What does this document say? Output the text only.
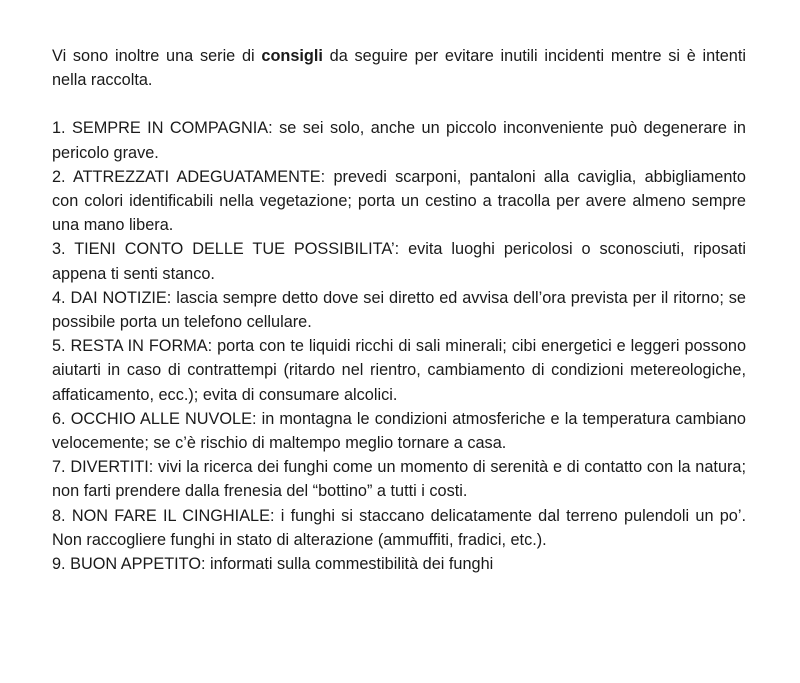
Vi sono inoltre una serie di consigli da seguire per evitare inutili incidenti mentre si è intenti nella raccolta.

1. SEMPRE IN COMPAGNIA: se sei solo, anche un piccolo inconveniente può degenerare in pericolo grave.
2. ATTREZZATI ADEGUATAMENTE: prevedi scarponi, pantaloni alla caviglia, abbigliamento con colori identificabili nella vegetazione; porta un cestino a tracolla per avere almeno sempre una mano libera.
3. TIENI CONTO DELLE TUE POSSIBILITA’: evita luoghi pericolosi o sconosciuti, riposati appena ti senti stanco.
4. DAI NOTIZIE: lascia sempre detto dove sei diretto ed avvisa dell’ora prevista per il ritorno; se possibile porta un telefono cellulare.
5. RESTA IN FORMA: porta con te liquidi ricchi di sali minerali; cibi energetici e leggeri possono aiutarti in caso di contrattempi (ritardo nel rientro, cambiamento di condizioni metereologiche, affaticamento, ecc.); evita di consumare alcolici.
6. OCCHIO ALLE NUVOLE: in montagna le condizioni atmosferiche e la temperatura cambiano velocemente; se c’è rischio di maltempo meglio tornare a casa.
7. DIVERTITI: vivi la ricerca dei funghi come un momento di serenità e di contatto con la natura; non farti prendere dalla frenesia del “bottino” a tutti i costi.
8. NON FARE IL CINGHIALE: i funghi si staccano delicatamente dal terreno pulendoli un po’. Non raccogliere funghi in stato di alterazione (ammuffiti, fradici, etc.).
9. BUON APPETITO: informati sulla commestibilità dei funghi
